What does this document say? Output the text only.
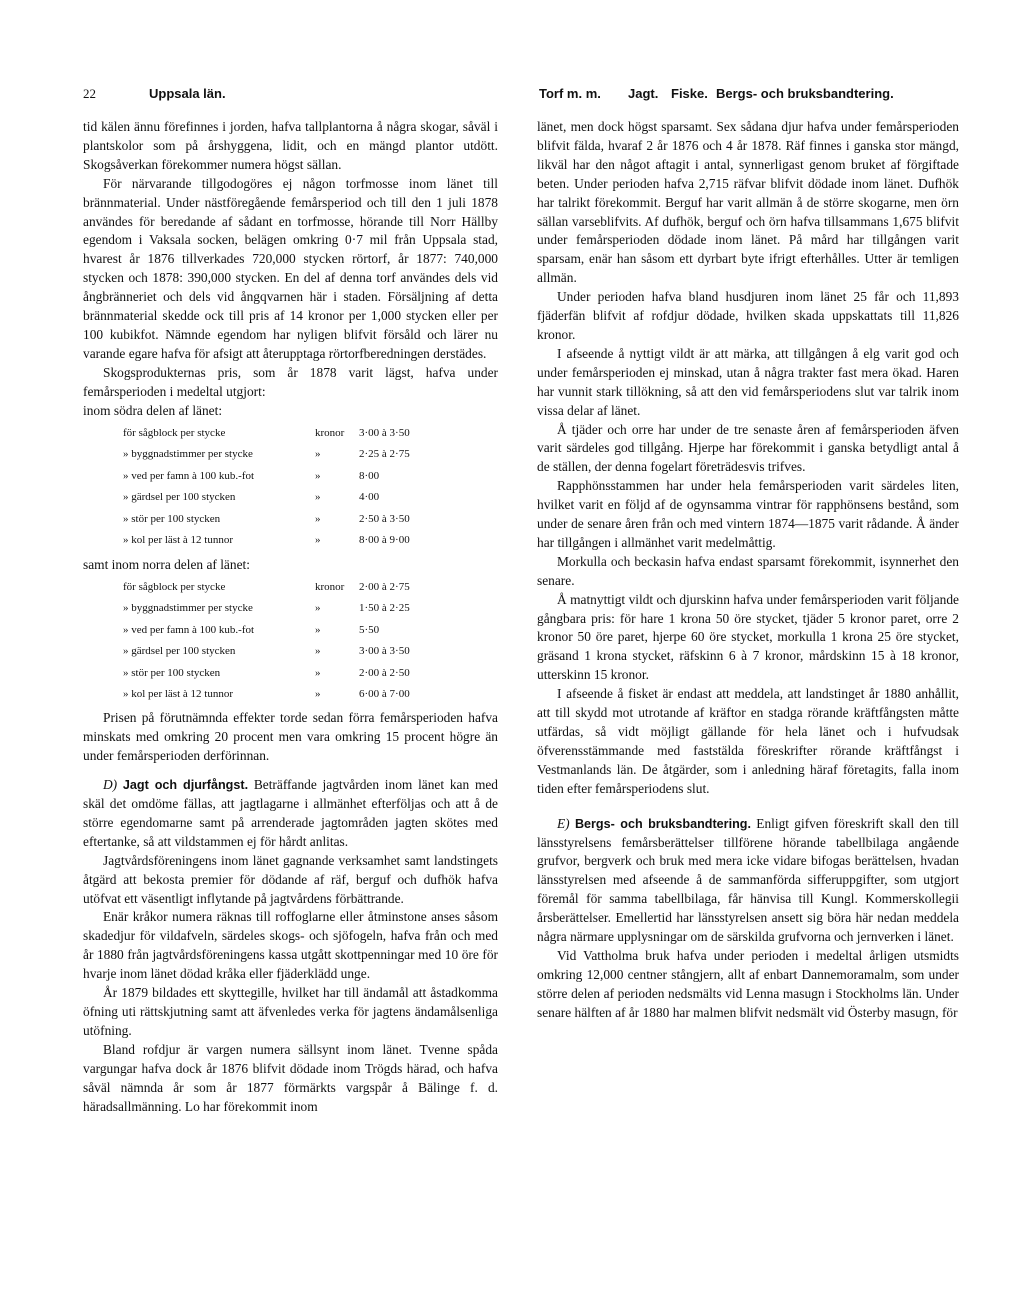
22	Uppsala län.	Torf m. m. Jagt. Fiske. Bergs- och bruksbandtering.

tid kälen ännu förefinnes i jorden, hafva tallplantorna å några skogar, såväl i plantskolor som på årshyggena, lidit, och en mängd plantor utdött. Skogsåverkan förekommer numera högst sällan.

För närvarande tillgodogöres ej någon torfmosse inom länet till brännmaterial. Under nästföregående femårsperiod och till den 1 juli 1878 användes för beredande af sådant en torfmosse, hörande till Norr Hällby egendom i Vaksala socken, belägen omkring 0·7 mil från Uppsala stad, hvarest år 1876 tillverkades 720,000 stycken rörtorf, år 1877: 740,000 stycken och 1878: 390,000 stycken. En del af denna torf användes dels vid ångbränneriet och dels vid ångqvarnen här i staden. Försäljning af detta brännmaterial skedde ock till pris af 14 kronor per 1,000 stycken eller per 100 kubikfot. Nämnde egendom har nyligen blifvit försåld och lärer nu varande egare hafva för afsigt att återupptaga rörtorfberedningen derstädes.

Skogsprodukternas pris, som år 1878 varit lägst, hafva under femårsperioden i medeltal utgjort:

inom södra delen af länet:

för sågblock per stycke	kronor	3·00 à 3·50
» byggnadstimmer per stycke	»	2·25 à 2·75
» ved per famn à 100 kub.-fot	»	8·00
» gärdsel per 100 stycken	»	4·00
» stör per 100 stycken	»	2·50 à 3·50
» kol per läst à 12 tunnor	»	8·00 à 9·00

samt inom norra delen af länet:

för sågblock per stycke	kronor	2·00 à 2·75
» byggnadstimmer per stycke	»	1·50 à 2·25
» ved per famn à 100 kub.-fot	»	5·50
» gärdsel per 100 stycken	»	3·00 à 3·50
» stör per 100 stycken	»	2·00 à 2·50
» kol per läst à 12 tunnor	»	6·00 à 7·00

Prisen på förutnämnda effekter torde sedan förra femårsperioden hafva minskats med omkring 20 procent men vara omkring 15 procent högre än under femårsperioden derförinnan.

D) Jagt och djurfångst. Beträffande jagtvården inom länet kan med skäl det omdöme fällas, att jagtlagarne i allmänhet efterföljas och att å de större egendomarne samt på arrenderade jagtområden jagten skötes med eftertanke, så att vildstammen ej för hårdt anlitas.

Jagtvårdsföreningens inom länet gagnande verksamhet samt landstingets åtgärd att bekosta premier för dödande af räf, berguf och dufhök hafva utöfvat ett väsentligt inflytande på jagtvårdens förbättrande.

Enär kråkor numera räknas till roffoglarne eller åtminstone anses såsom skadedjur för vildafveln, särdeles skogs- och sjöfogeln, hafva från och med år 1880 från jagtvårdsföreningens kassa utgått skottpenningar med 10 öre för hvarje inom länet dödad kråka eller fjäderklädd unge.

År 1879 bildades ett skyttegille, hvilket har till ändamål att åstadkomma öfning uti rättskjutning samt att äfvenledes verka för jagtens ändamålsenliga utöfning.

Bland rofdjur är vargen numera sällsynt inom länet. Tvenne spåda vargungar hafva dock år 1876 blifvit dödade inom Trögds härad, och hafva såväl nämnda år som år 1877 förmärkts vargspår å Bälinge f. d. häradsallmänning. Lo har förekommit inom

länet, men dock högst sparsamt. Sex sådana djur hafva under femårsperioden blifvit fälda, hvaraf 2 år 1876 och 4 år 1878. Räf finnes i ganska stor mängd, likväl har den något aftagit i antal, synnerligast genom bruket af förgiftade beten. Under perioden hafva 2,715 räfvar blifvit dödade inom länet. Dufhök har talrikt förekommit. Berguf har varit allmän å de större skogarne, men örn sällan varseblifvits. Af dufhök, berguf och örn hafva tillsammans 1,675 blifvit under femårsperioden dödade inom länet. På mård har tillgången varit sparsam, enär han såsom ett dyrbart byte ifrigt efterhålles. Utter är temligen allmän.

Under perioden hafva bland husdjuren inom länet 25 får och 11,893 fjäderfän blifvit af rofdjur dödade, hvilken skada uppskattats till 11,826 kronor.

I afseende å nyttigt vildt är att märka, att tillgången å elg varit god och under femårsperioden ej minskad, utan å några trakter fast mera ökad. Haren har vunnit stark tillökning, så att den vid femårsperiodens slut var talrik inom vissa delar af länet.

Å tjäder och orre har under de tre senaste åren af femårsperioden äfven varit särdeles god tillgång. Hjerpe har förekommit i ganska betydligt antal å de ställen, der denna fogelart företrädesvis trifves.

Rapphönsstammen har under hela femårsperioden varit särdeles liten, hvilket varit en följd af de ogynsamma vintrar för rapphönsens bestånd, som under de senare åren från och med vintern 1874—1875 varit rådande. Å änder har tillgången i allmänhet varit medelmåttig.

Morkulla och beckasin hafva endast sparsamt förekommit, isynnerhet den senare.

Å matnyttigt vildt och djurskinn hafva under femårsperioden varit följande gångbara pris: för hare 1 krona 50 öre stycket, tjäder 5 kronor paret, orre 2 kronor 50 öre paret, hjerpe 60 öre stycket, morkulla 1 krona 25 öre stycket, gräsand 1 krona stycket, räfskinn 6 à 7 kronor, mårdskinn 15 à 18 kronor, utterskinn 15 kronor.

I afseende å fisket är endast att meddela, att landstinget år 1880 anhållit, att till skydd mot utrotande af kräftor en stadga rörande kräftfångsten måtte utfärdas, så vidt möjligt gällande för hela länet och i hufvudsak öfverensstämmande med faststälda föreskrifter rörande kräftfångst i Vestmanlands län. De åtgärder, som i anledning häraf företagits, falla inom tiden efter femårsperiodens slut.

E) Bergs- och bruksbandtering. Enligt gifven föreskrift skall den till länsstyrelsens femårsberättelser tillförene hörande tabellbilaga angående grufvor, bergverk och bruk med mera icke vidare bifogas berättelsen, hvadan länsstyrelsen med afseende å de sammanförda sifferuppgifter, som utgjort föremål för samma tabellbilaga, får hänvisa till Kungl. Kommerskollegii årsberättelser. Emellertid har länsstyrelsen ansett sig böra här nedan meddela några närmare upplysningar om de särskilda grufvorna och jernverken i länet.

Vid Vattholma bruk hafva under perioden i medeltal årligen utsmidts omkring 12,000 centner stångjern, allt af enbart Dannemoramalm, som under större delen af perioden nedsmälts vid Lenna masugn i Stockholms län. Under senare hälften af år 1880 har malmen blifvit nedsmält vid Österby masugn, för
